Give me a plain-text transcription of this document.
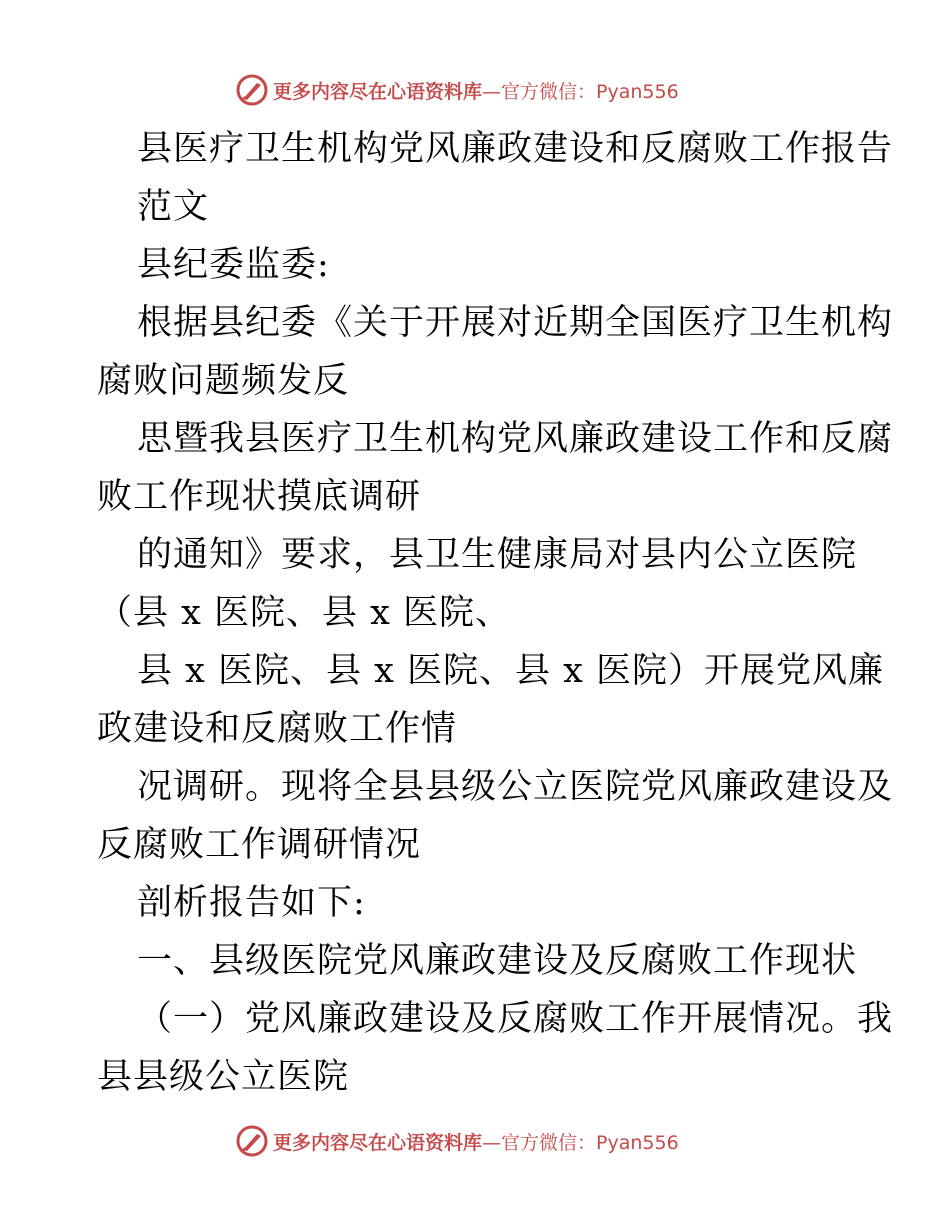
更多内容尽在心语资料库—官方微信：Pyan556
县医疗卫生机构党风廉政建设和反腐败工作报告
范文
县纪委监委:
根据县纪委《关于开展对近期全国医疗卫生机构
腐败问题频发反
思暨我县医疗卫生机构党风廉政建设工作和反腐
败工作现状摸底调研
的通知》要求，县卫生健康局对县内公立医院
（县 x 医院、县 x 医院、
县 x 医院、县 x 医院、县 x 医院）开展党风廉
政建设和反腐败工作情
况调研。现将全县县级公立医院党风廉政建设及
反腐败工作调研情况
剖析报告如下:
一、县级医院党风廉政建设及反腐败工作现状
（一）党风廉政建设及反腐败工作开展情况。我
县县级公立医院
更多内容尽在心语资料库—官方微信：Pyan556
